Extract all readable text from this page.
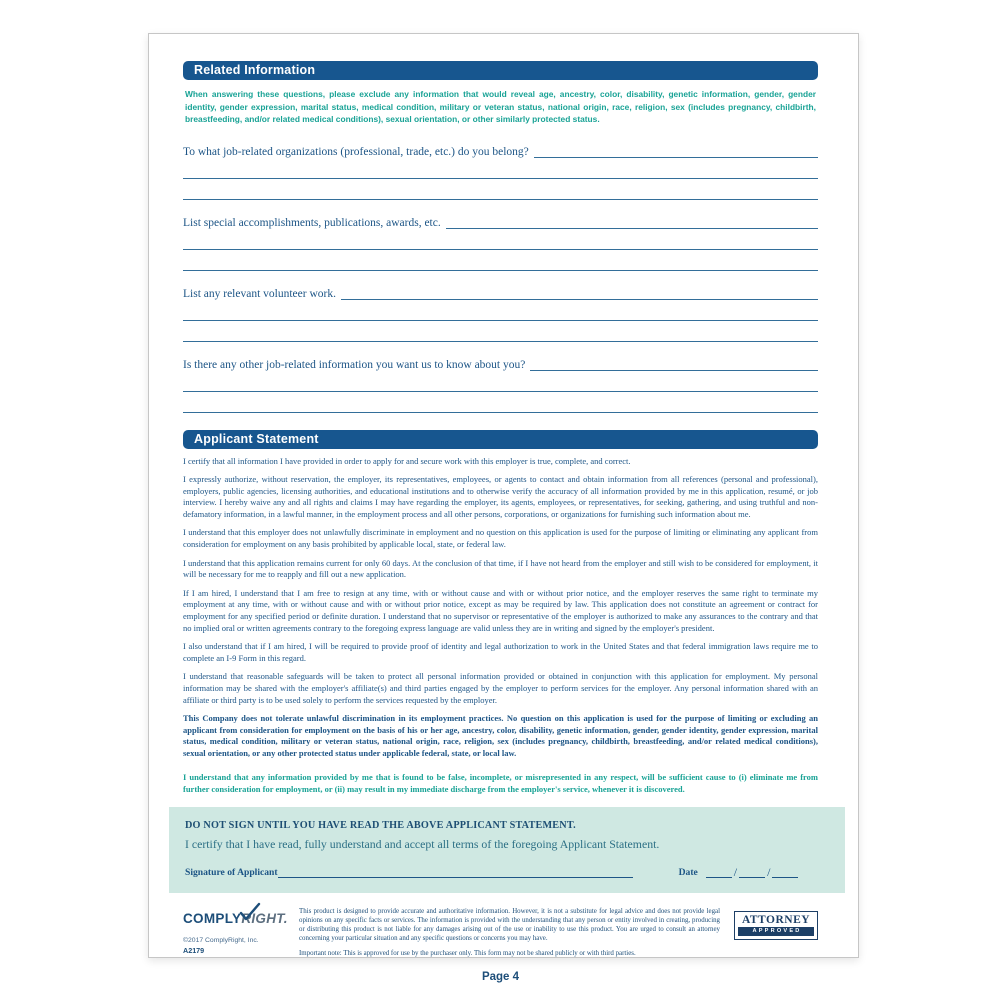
Related Information

When answering these questions, please exclude any information that would reveal age, ancestry, color, disability, genetic information, gender, gender identity, gender expression, marital status, medical condition, military or veteran status, national origin, race, religion, sex (includes pregnancy, childbirth, breastfeeding, and/or related medical conditions), sexual orientation, or other similarly protected status.

To what job-related organizations (professional, trade, etc.) do you belong?
List special accomplishments, publications, awards, etc.
List any relevant volunteer work.
Is there any other job-related information you want us to know about you?
Applicant Statement

I certify that all information I have provided in order to apply for and secure work with this employer is true, complete, and correct.

I expressly authorize, without reservation, the employer, its representatives, employees, or agents to contact and obtain information from all references (personal and professional), employers, public agencies, licensing authorities, and educational institutions and to otherwise verify the accuracy of all information provided by me in this application, resumé, or job interview. I hereby waive any and all rights and claims I may have regarding the employer, its agents, employees, or representatives, for seeking, gathering, and using truthful and non-defamatory information, in a lawful manner, in the employment process and all other persons, corporations, or organizations for furnishing such information about me.

I understand that this employer does not unlawfully discriminate in employment and no question on this application is used for the purpose of limiting or eliminating any applicant from consideration for employment on any basis prohibited by applicable local, state, or federal law.

I understand that this application remains current for only 60 days. At the conclusion of that time, if I have not heard from the employer and still wish to be considered for employment, it will be necessary for me to reapply and fill out a new application.

If I am hired, I understand that I am free to resign at any time, with or without cause and with or without prior notice, and the employer reserves the same right to terminate my employment at any time, with or without cause and with or without prior notice, except as may be required by law. This application does not constitute an agreement or contract for employment for any specified period or definite duration. I understand that no supervisor or representative of the employer is authorized to make any assurances to the contrary and that no implied oral or written agreements contrary to the foregoing express language are valid unless they are in writing and signed by the employer's president.

I also understand that if I am hired, I will be required to provide proof of identity and legal authorization to work in the United States and that federal immigration laws require me to complete an I-9 Form in this regard.

I understand that reasonable safeguards will be taken to protect all personal information provided or obtained in conjunction with this application for employment. My personal information may be shared with the employer's affiliate(s) and third parties engaged by the employer to perform services for the employer. Any personal information shared with an affiliate or third party is to be used solely to perform the services requested by the employer.

This Company does not tolerate unlawful discrimination in its employment practices. No question on this application is used for the purpose of limiting or excluding an applicant from consideration for employment on the basis of his or her age, ancestry, color, disability, genetic information, gender, gender identity, gender expression, marital status, medical condition, military or veteran status, national origin, race, religion, sex (includes pregnancy, childbirth, breastfeeding, and/or related medical conditions), sexual orientation, or any other protected status under applicable federal, state, or local law.

I understand that any information provided by me that is found to be false, incomplete, or misrepresented in any respect, will be sufficient cause to (i) eliminate me from further consideration for employment, or (ii) may result in my immediate discharge from the employer's service, whenever it is discovered.

DO NOT SIGN UNTIL YOU HAVE READ THE ABOVE APPLICANT STATEMENT.
I certify that I have read, fully understand and accept all terms of the foregoing Applicant Statement.
Signature of Applicant	Date	/	/
COMPLYRIGHT.
©2017 ComplyRight, Inc.
A2179
This product is designed to provide accurate and authoritative information. However, it is not a substitute for legal advice and does not provide legal opinions on any specific facts or services. The information is provided with the understanding that any person or entity involved in creating, producing or distributing this product is not liable for any damages arising out of the use or inability to use this product. You are urged to consult an attorney concerning your particular situation and any specific questions or concerns you may have.
Important note: This is approved for use by the purchaser only. This form may not be shared publicly or with third parties.
ATTORNEY
APPROVED
Page 4
